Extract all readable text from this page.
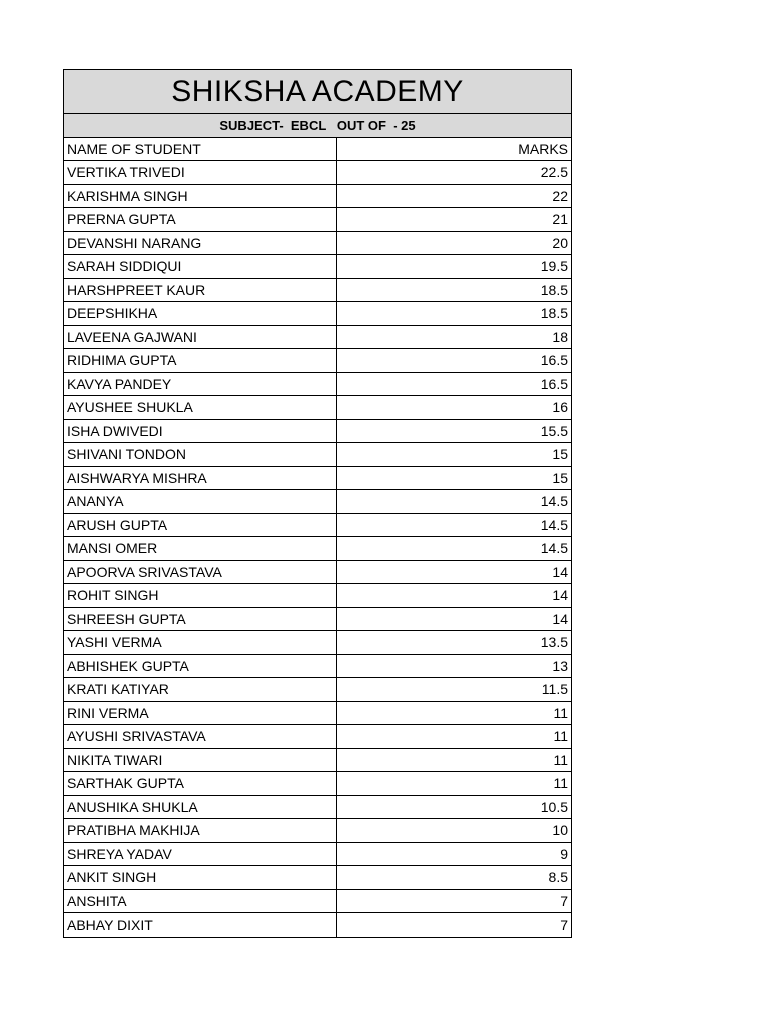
SHIKSHA ACADEMY
SUBJECT-  EBCL   OUT OF  - 25
NAME OF STUDENT	MARKS
VERTIKA TRIVEDI	22.5
KARISHMA SINGH	22
PRERNA GUPTA	21
DEVANSHI NARANG	20
SARAH SIDDIQUI	19.5
HARSHPREET KAUR	18.5
DEEPSHIKHA	18.5
LAVEENA GAJWANI	18
RIDHIMA GUPTA	16.5
KAVYA PANDEY	16.5
AYUSHEE SHUKLA	16
ISHA DWIVEDI	15.5
SHIVANI TONDON	15
AISHWARYA MISHRA	15
ANANYA	14.5
ARUSH GUPTA	14.5
MANSI OMER	14.5
APOORVA SRIVASTAVA	14
ROHIT SINGH	14
SHREESH GUPTA	14
YASHI VERMA	13.5
ABHISHEK GUPTA	13
KRATI KATIYAR	11.5
RINI VERMA	11
AYUSHI SRIVASTAVA	11
NIKITA TIWARI	11
SARTHAK GUPTA	11
ANUSHIKA SHUKLA	10.5
PRATIBHA MAKHIJA	10
SHREYA YADAV	9
ANKIT SINGH	8.5
ANSHITA	7
ABHAY DIXIT	7
